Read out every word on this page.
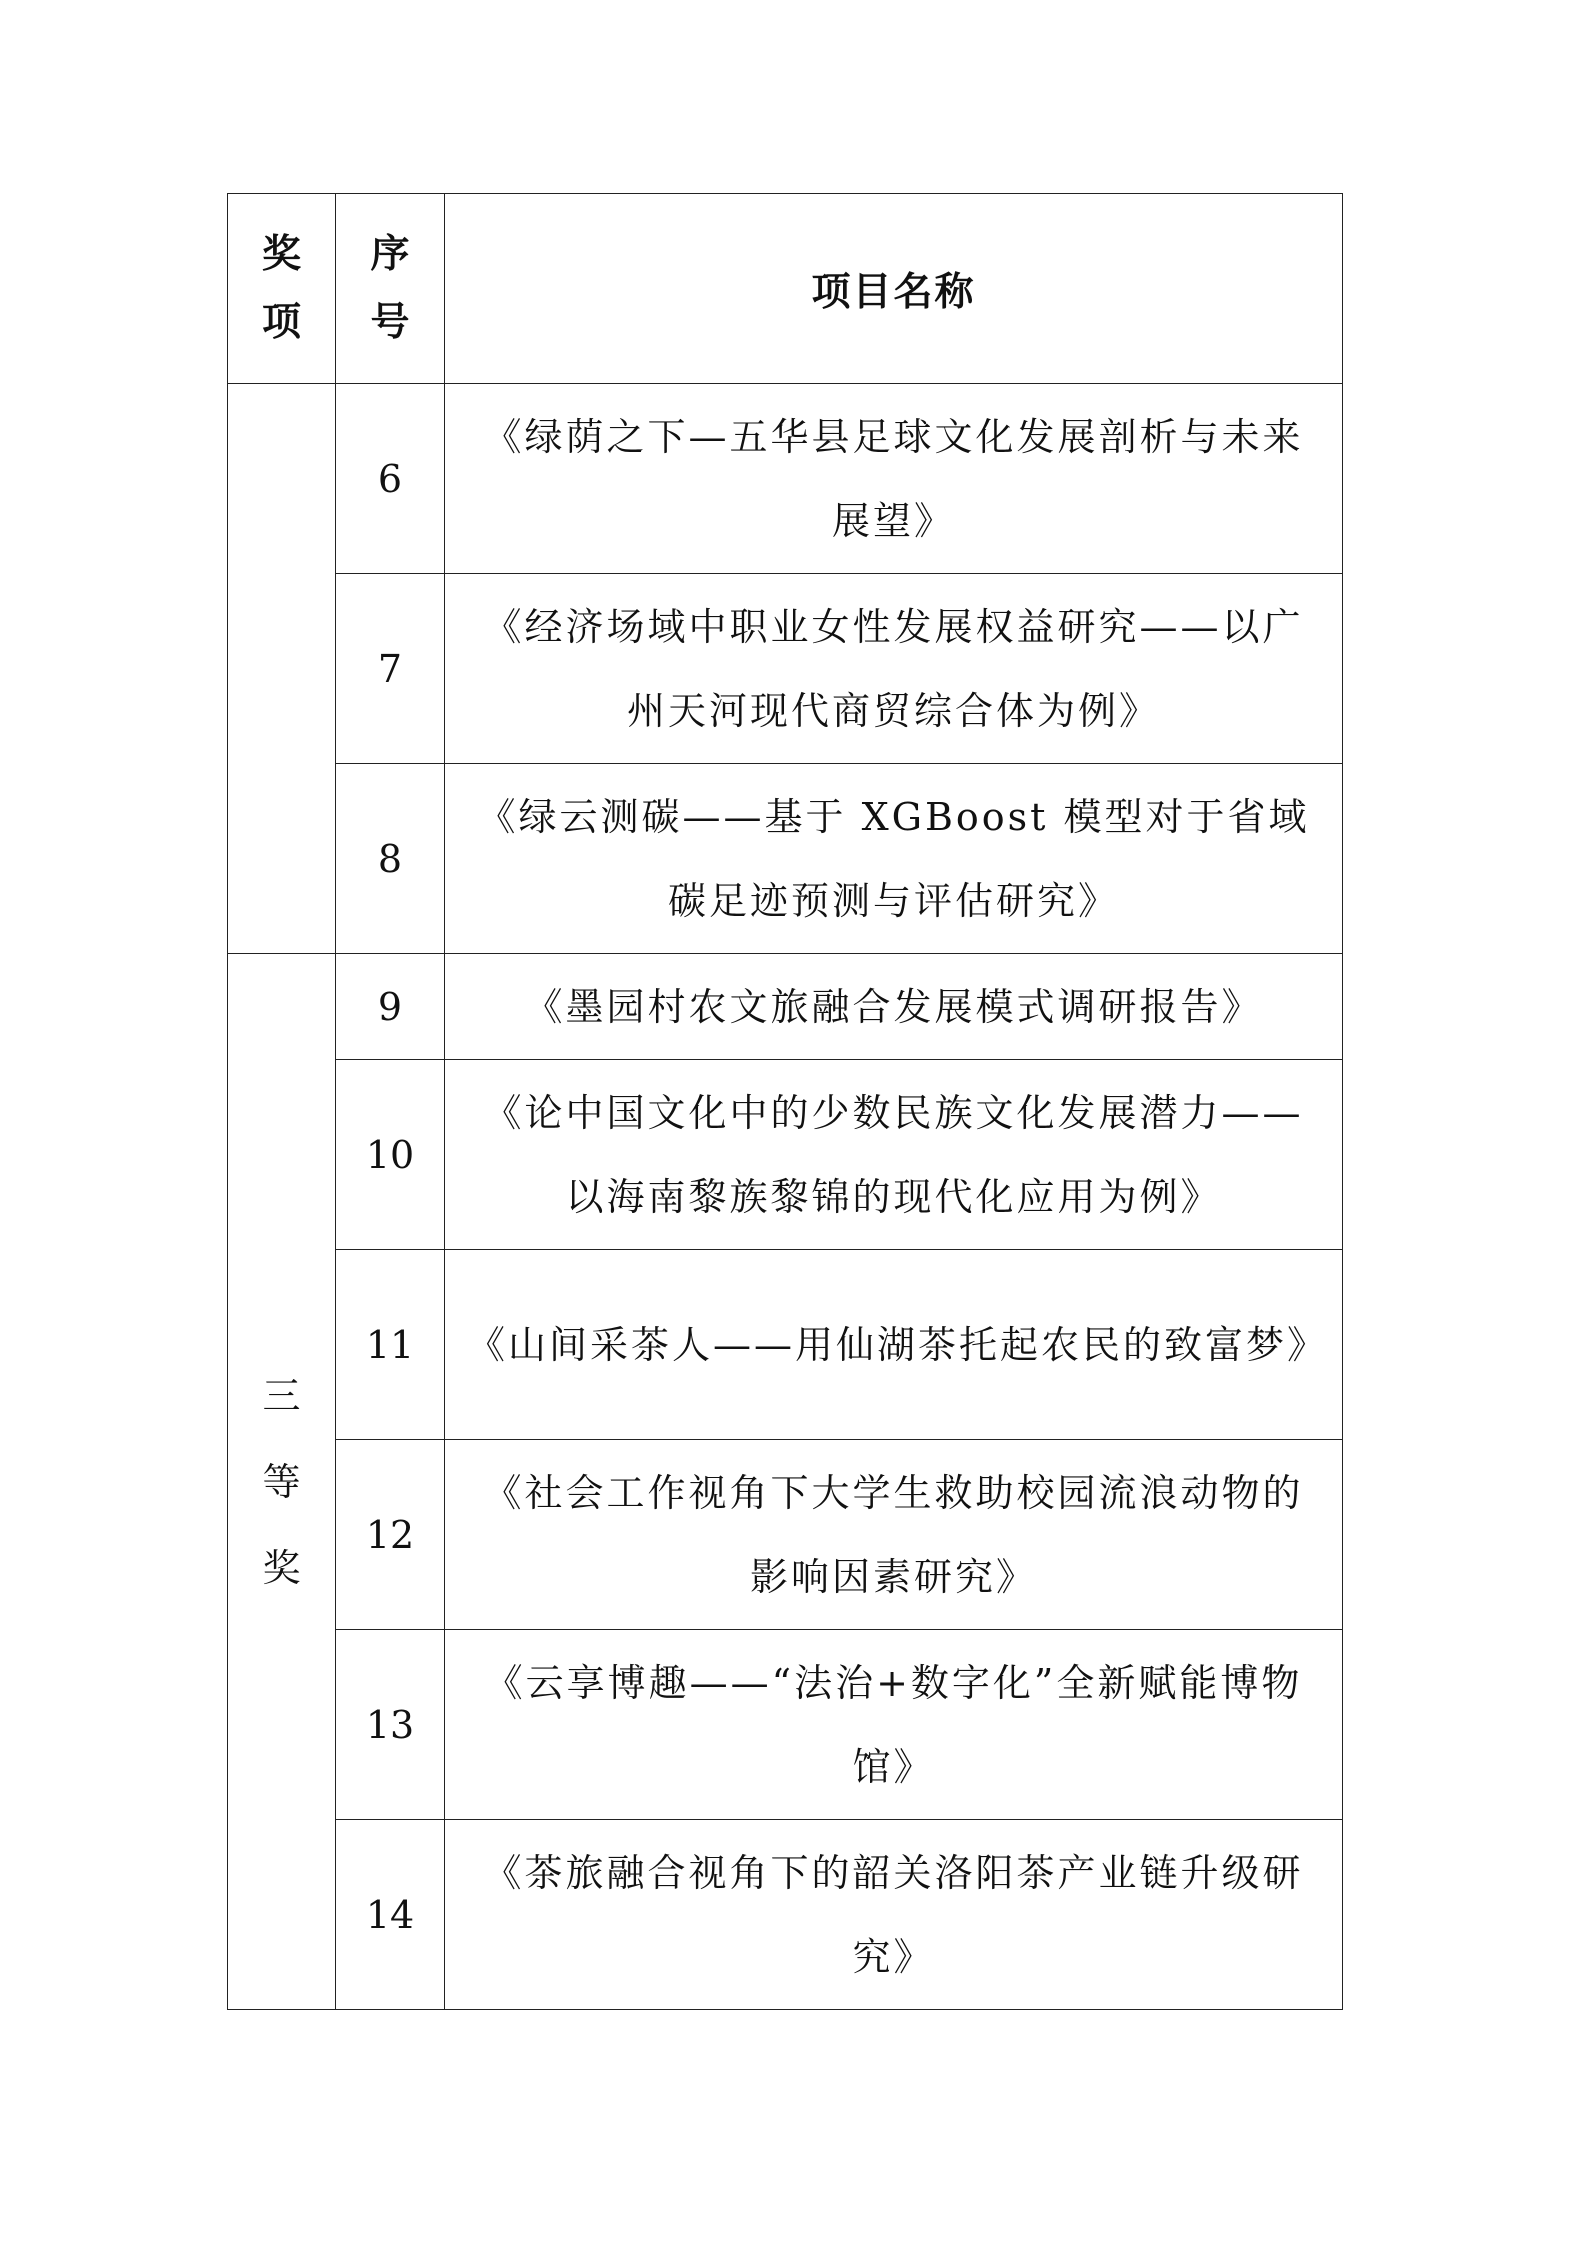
奖项	序号	项目名称
	6	《绿荫之下—五华县足球文化发展剖析与未来展望》
	7	《经济场域中职业女性发展权益研究——以广州天河现代商贸综合体为例》
	8	《绿云测碳——基于 XGBoost 模型对于省域碳足迹预测与评估研究》
三等奖	9	《墨园村农文旅融合发展模式调研报告》
	10	《论中国文化中的少数民族文化发展潜力——以海南黎族黎锦的现代化应用为例》
	11	《山间采茶人——用仙湖茶托起农民的致富梦》
	12	《社会工作视角下大学生救助校园流浪动物的影响因素研究》
	13	《云享博趣——“法治+数字化”全新赋能博物馆》
	14	《茶旅融合视角下的韶关洛阳茶产业链升级研究》
